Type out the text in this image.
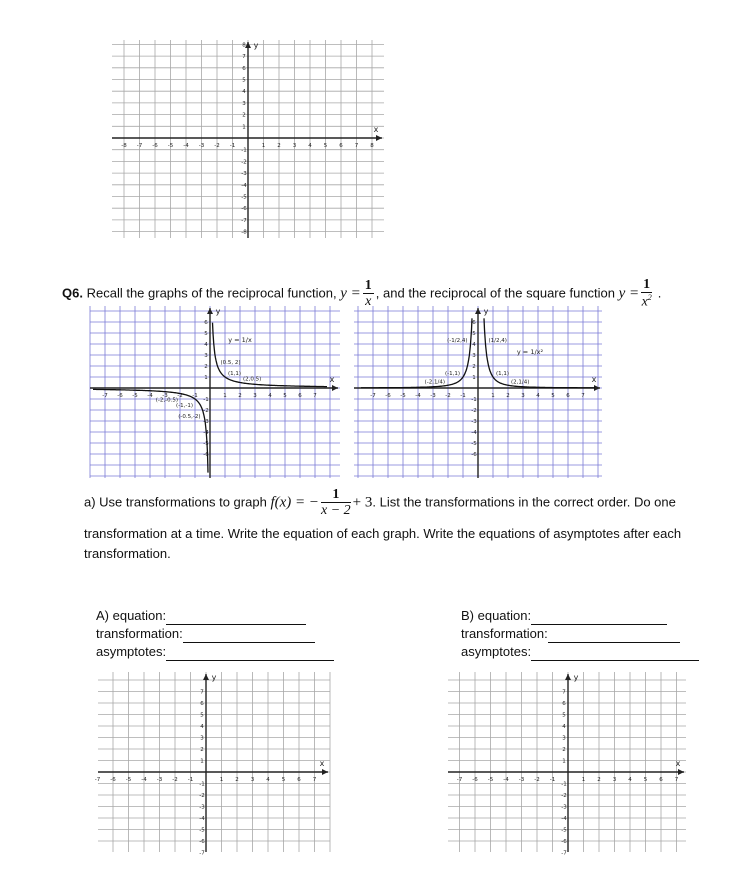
x
y
-8 -7 -6 -5 -4 -3 -2 -1	1 2 3 4 5 6 7 8
-8
-7
-6
-5
-4
-3
-2
-1
1
2
3
4
5
6
7
8
Q6. Recall the graphs of the reciprocal function, $y = \frac{1}{x}$ , and the reciprocal of the square function $y = \frac{1}{x^2}$ .
x
y
-7 -6 -5 -4 -3 -2 -1	1 2 3 4 5 6 7
-6
-5
-4
-3
-2
-1
1
2
3
4
5
6
(0.5, 2)
(1,1)
(2,0.5)
(-2,-0.5)
(-1,-1)
(-0.5,-2)
y = 1/x
x
y
-7 -6 -5 -4 -3 -2 -1	1 2 3 4 5 6 7
-6
-5
-4
-3
-2
-1
1
2
3
4
5
6
(-1/2,4)	(1/2,4)
(-1,1)	(1,1)
(-2,1/4)	(2,1/4)
y = 1/x²
a) Use transformations to graph f(x) = − $\frac{1}{x - 2} + 3$. List the transformations in the correct order. Do one
transformation at a time. Write the equation of each graph. Write the equations of asymptotes after each
transformation.
A) equation:
transformation:
asymptotes:
B) equation:
transformation:
asymptotes:
x
y
-7 -6 -5 -4 -3 -2 -1	1 2 3 4 5 6 7
-7
-6
-5
-4
-3
-2
-1
1
2
3
4
5
6
7
x
y
-7 -6 -5 -4 -3 -2 -1	1 2 3 4 5 6 7
-7
-6
-5
-4
-3
-2
-1
1
2
3
4
5
6
7
